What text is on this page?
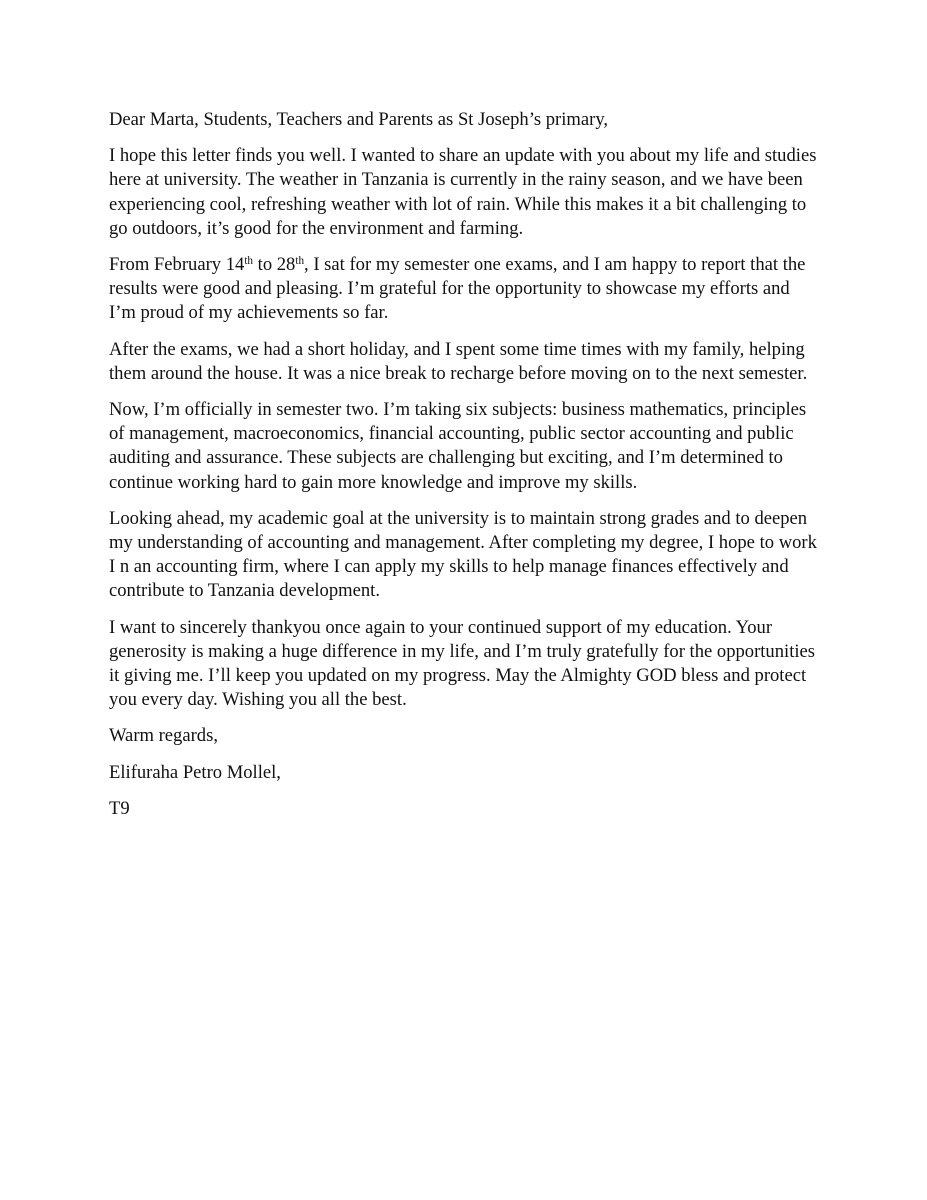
Dear Marta, Students, Teachers and Parents as St Joseph’s primary,

I hope this letter finds you well. I wanted to share an update with you about my life and studies here at university. The weather in Tanzania is currently in the rainy season, and we have been experiencing cool, refreshing weather with lot of rain. While this makes it a bit challenging to go outdoors, it’s good for the environment and farming.

From February 14th to 28th, I sat for my semester one exams, and I am happy to report that the results were good and pleasing. I’m grateful for the opportunity to showcase my efforts and I’m proud of my achievements so far.

After the exams, we had a short holiday, and I spent some time times with my family, helping them around the house. It was a nice break to recharge before moving on to the next semester.

Now, I’m officially in semester two. I’m taking six subjects: business mathematics, principles of management, macroeconomics, financial accounting, public sector accounting and public auditing and assurance. These subjects are challenging but exciting, and I’m determined to continue working hard to gain more knowledge and improve my skills.

Looking ahead, my academic goal at the university is to maintain strong grades and to deepen my understanding of accounting and management. After completing my degree, I hope to work I n an accounting firm, where I can apply my skills to help manage finances effectively and contribute to Tanzania development.

I want to sincerely thankyou once again to your continued support of my education. Your generosity is making a huge difference in my life, and I’m truly gratefully for the opportunities it giving me. I’ll keep you updated on my progress. May the Almighty GOD bless and protect you every day. Wishing you all the best.

Warm regards,

Elifuraha Petro Mollel,

T9
